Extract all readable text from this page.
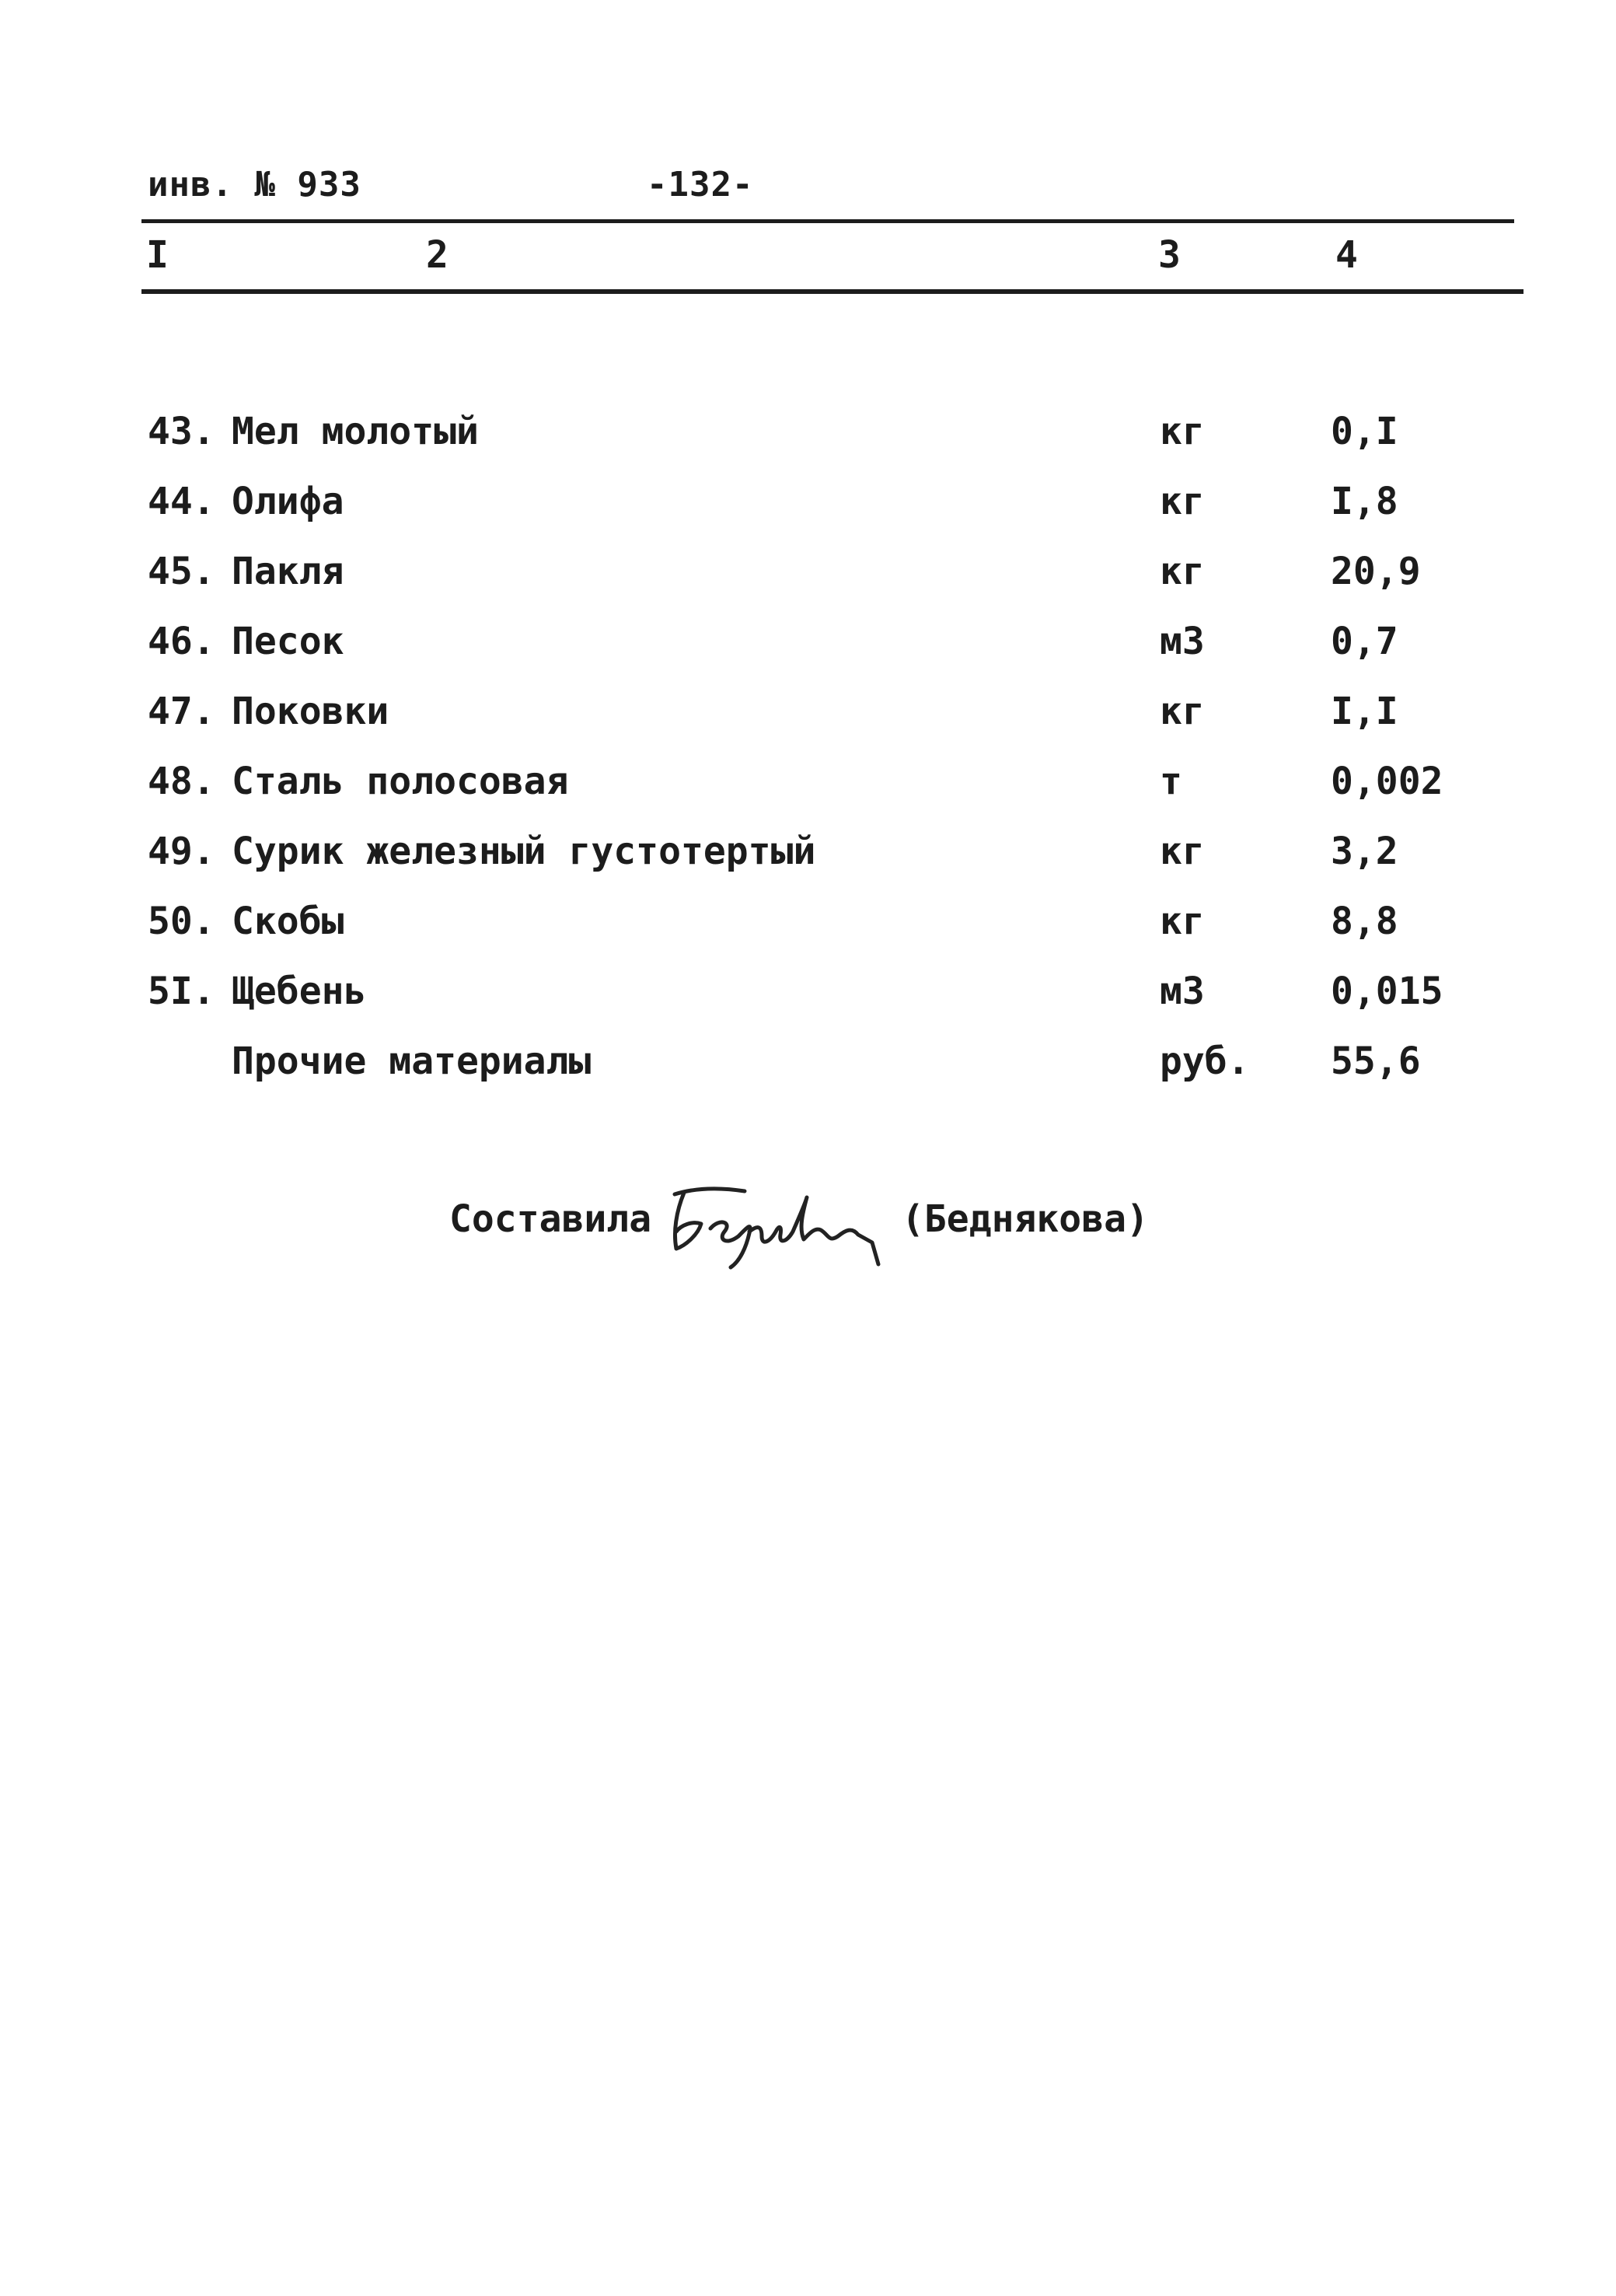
инв. № 933	-132-
I	2	3	4
43. Мел молотый	кг	0,I
44. Олифа	кг	I,8
45. Пакля	кг	20,9
46. Песок	м3	0,7
47. Поковки	кг	I,I
48. Сталь полосовая	т	0,002
49. Сурик железный густотертый	кг	3,2
50. Скобы	кг	8,8
5I. Щебень	м3	0,015
Прочие материалы	руб. 55,6
Составила	(Беднякова)
